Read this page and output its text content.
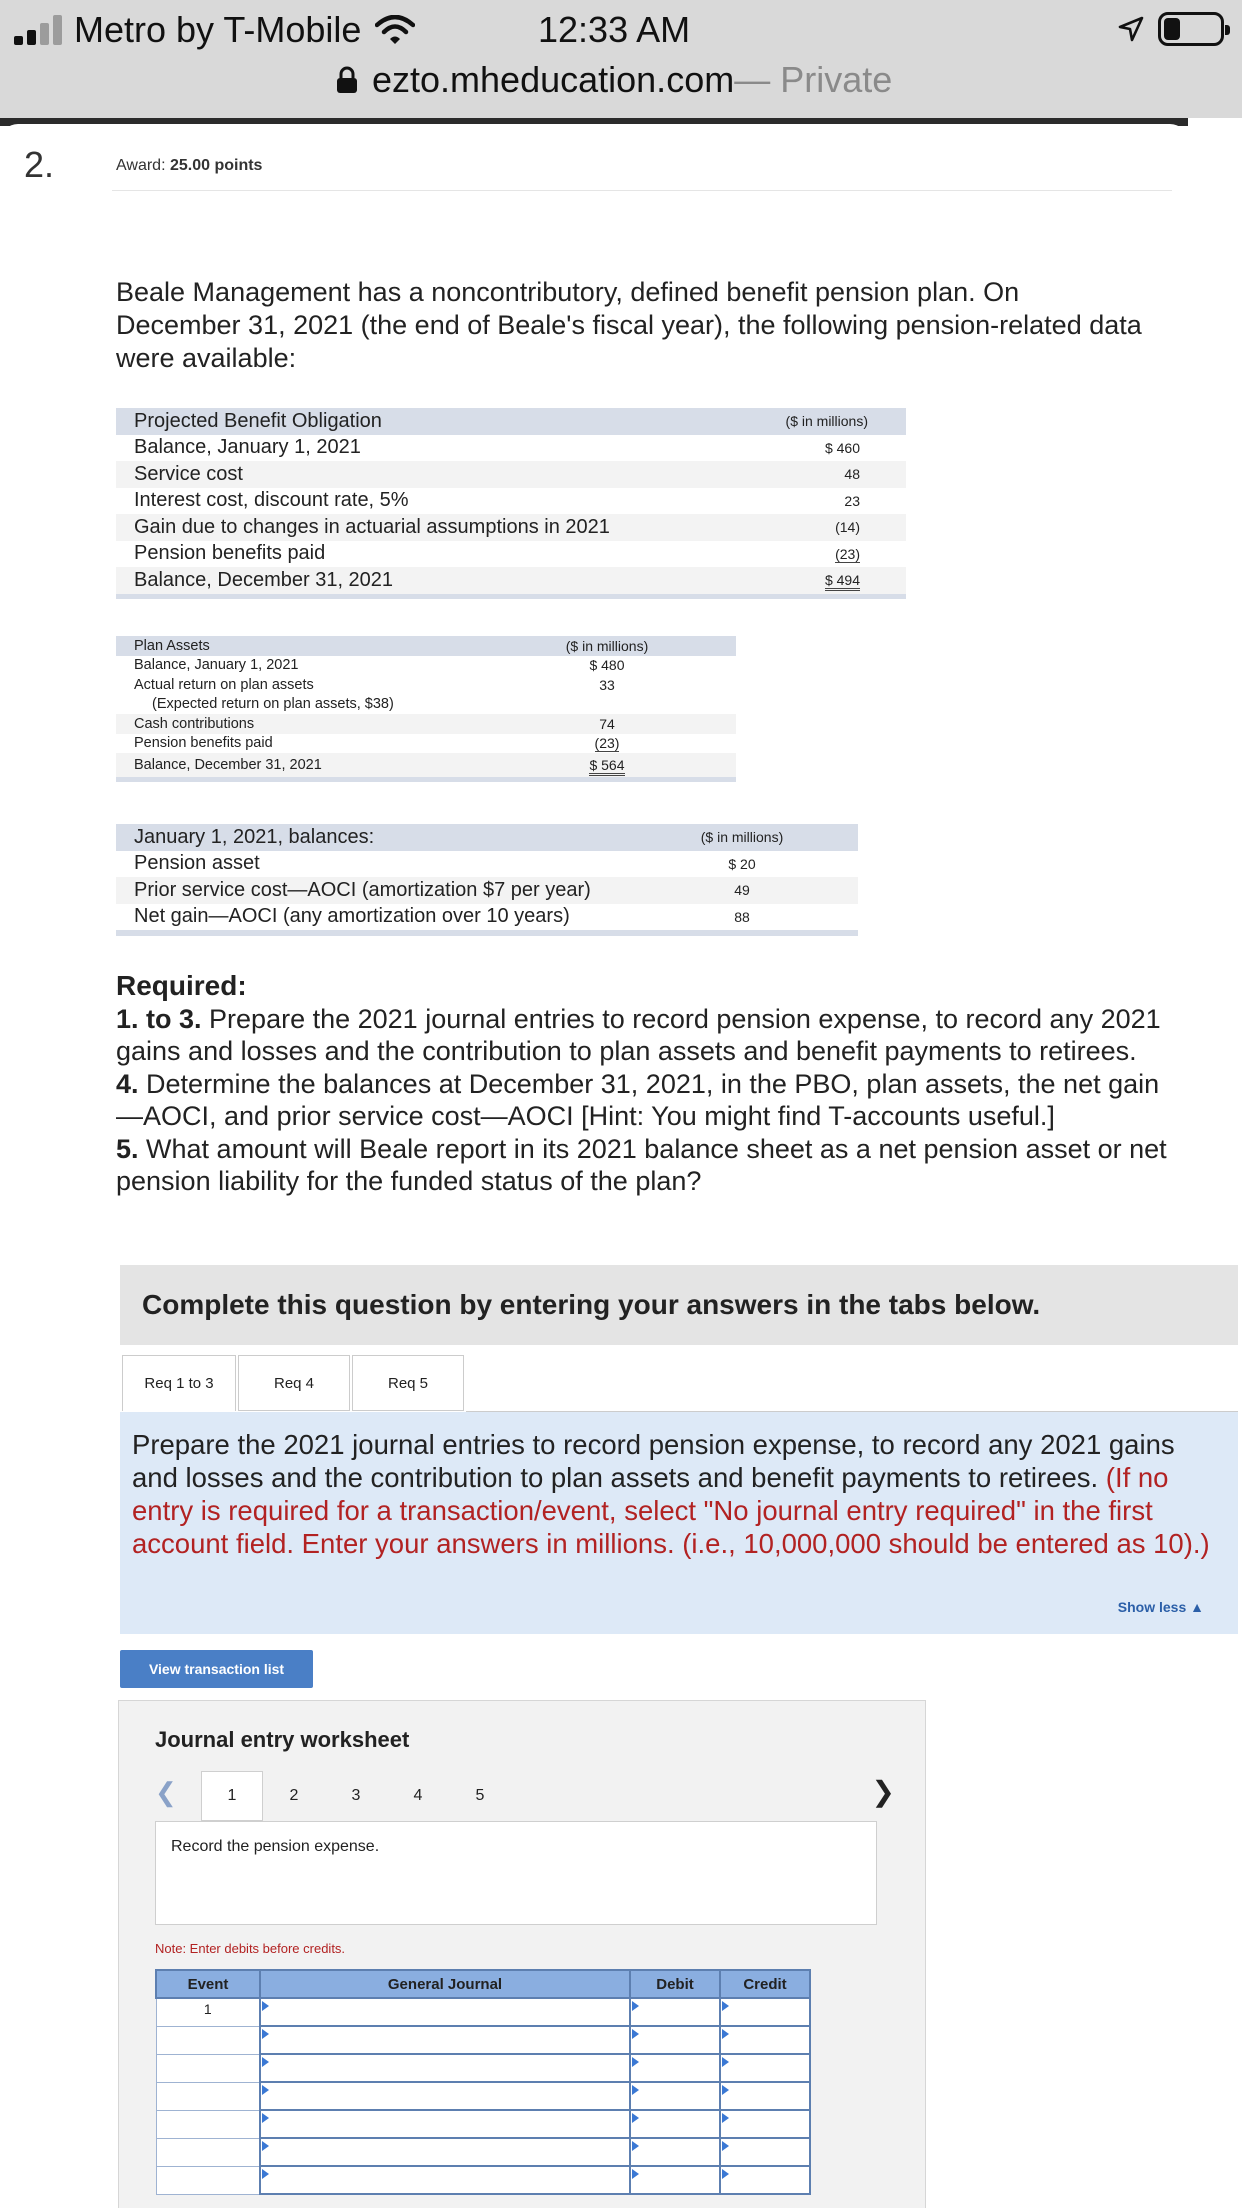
Metro by T-Mobile	12:33 AM
ezto.mheducation.com — Private
2.	Award: 25.00 points
Beale Management has a noncontributory, defined benefit pension plan. On December 31, 2021 (the end of Beale's fiscal year), the following pension-related data were available:
Projected Benefit Obligation	($ in millions)
Balance, January 1, 2021	$ 460
Service cost	48
Interest cost, discount rate, 5%	23
Gain due to changes in actuarial assumptions in 2021	(14)
Pension benefits paid	(23)
Balance, December 31, 2021	$ 494
Plan Assets	($ in millions)
Balance, January 1, 2021	$ 480
Actual return on plan assets	33
(Expected return on plan assets, $38)
Cash contributions	74
Pension benefits paid	(23)
Balance, December 31, 2021	$ 564
January 1, 2021, balances:	($ in millions)
Pension asset	$ 20
Prior service cost—AOCI (amortization $7 per year)	49
Net gain—AOCI (any amortization over 10 years)	88
Required:
1. to 3. Prepare the 2021 journal entries to record pension expense, to record any 2021 gains and losses and the contribution to plan assets and benefit payments to retirees.
4. Determine the balances at December 31, 2021, in the PBO, plan assets, the net gain—AOCI, and prior service cost—AOCI [Hint: You might find T-accounts useful.]
5. What amount will Beale report in its 2021 balance sheet as a net pension asset or net pension liability for the funded status of the plan?
Complete this question by entering your answers in the tabs below.
Req 1 to 3	Req 4	Req 5
Prepare the 2021 journal entries to record pension expense, to record any 2021 gains and losses and the contribution to plan assets and benefit payments to retirees. (If no entry is required for a transaction/event, select "No journal entry required" in the first account field. Enter your answers in millions. (i.e., 10,000,000 should be entered as 10).)
Show less ▲
View transaction list
Journal entry worksheet
❮	1	2	3	4	5	❯
Record the pension expense.
Note: Enter debits before credits.
Event	General Journal	Debit	Credit
1			
